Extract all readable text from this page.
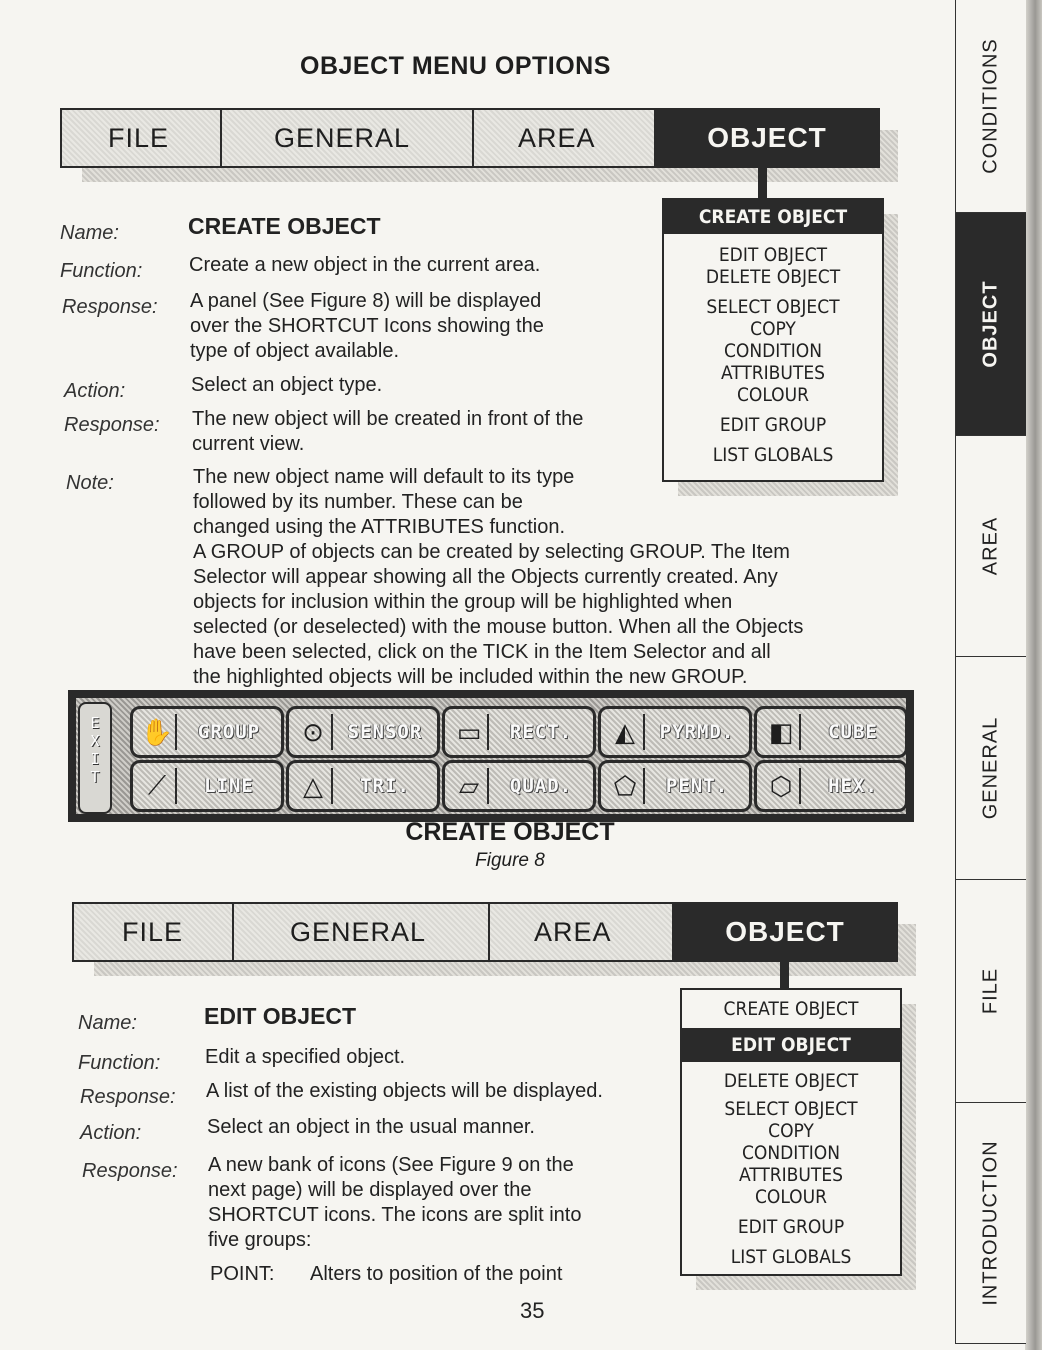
CONDITIONS
OBJECT
AREA
GENERAL
FILE
INTRODUCTION
OBJECT MENU OPTIONS
FILE	GENERAL	AREA	OBJECT
CREATE OBJECT
EDIT OBJECT
DELETE OBJECT
SELECT OBJECT
COPY
CONDITION
ATTRIBUTES
COLOUR
EDIT GROUP
LIST GLOBALS
Name:	CREATE OBJECT
Function: Create a new object in the current area.
Response: A panel (See Figure 8) will be displayed
over the SHORTCUT Icons showing the
type of object available.
Action:	Select an object type.
Response: The new object will be created in front of the
current view.
Note:	The new object name will default to its type
followed by its number. These can be
changed using the ATTRIBUTES function.
A GROUP of objects can be created by selecting GROUP. The Item
Selector will appear showing all the Objects currently created. Any
objects for inclusion within the group will be highlighted when
selected (or deselected) with the mouse button. When all the Objects
have been selected, click on the TICK in the Item Selector and all
the highlighted objects will be included within the new GROUP.
EXIT ✋	GROUP	⊙	SENSOR	▭	RECT.	◭	PYRMD.	◧	CUBE
⟋	LINE	△	TRI.	▱	QUAD.	⬠	PENT.	⬡	HEX.
CREATE OBJECT
Figure 8
FILE	GENERAL	AREA	OBJECT
CREATE OBJECT
EDIT OBJECT
DELETE OBJECT
SELECT OBJECT
COPY
CONDITION
ATTRIBUTES
COLOUR
EDIT GROUP
LIST GLOBALS
Name:	EDIT OBJECT
Function: Edit a specified object.
Response: A list of the existing objects will be displayed.
Action:	Select an object in the usual manner.
Response: A new bank of icons (See Figure 9 on the
next page) will be displayed over the
SHORTCUT icons. The icons are split into
five groups:
POINT: Alters to position of the point
35
